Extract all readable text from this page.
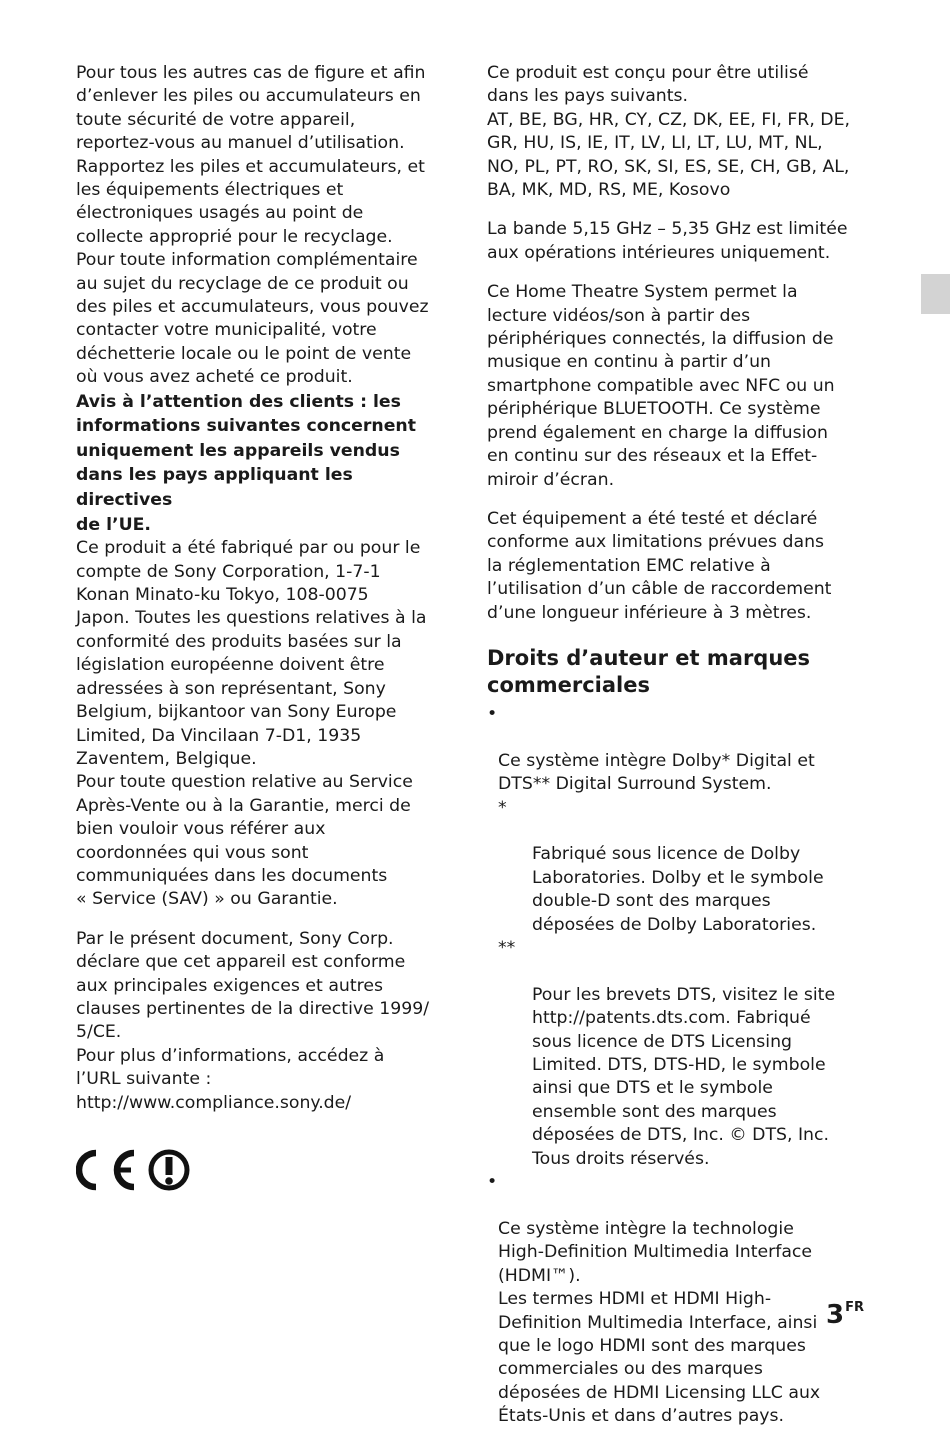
Pour tous les autres cas de figure et afin
d’enlever les piles ou accumulateurs en
toute sécurité de votre appareil,
reportez-vous au manuel d’utilisation.
Rapportez les piles et accumulateurs, et
les équipements électriques et
électroniques usagés au point de
collecte approprié pour le recyclage.
Pour toute information complémentaire
au sujet du recyclage de ce produit ou
des piles et accumulateurs, vous pouvez
contacter votre municipalité, votre
déchetterie locale ou le point de vente
où vous avez acheté ce produit.

Avis à l’attention des clients : les
informations suivantes concernent
uniquement les appareils vendus
dans les pays appliquant les directives
de l’UE.

Ce produit a été fabriqué par ou pour le
compte de Sony Corporation, 1-7-1
Konan Minato-ku Tokyo, 108-0075
Japon. Toutes les questions relatives à la
conformité des produits basées sur la
législation européenne doivent être
adressées à son représentant, Sony
Belgium, bijkantoor van Sony Europe
Limited, Da Vincilaan 7-D1, 1935
Zaventem, Belgique.
Pour toute question relative au Service
Après-Vente ou à la Garantie, merci de
bien vouloir vous référer aux
coordonnées qui vous sont
communiquées dans les documents
« Service (SAV) » ou Garantie.

Par le présent document, Sony Corp.
déclare que cet appareil est conforme
aux principales exigences et autres
clauses pertinentes de la directive 1999/
5/CE.
Pour plus d’informations, accédez à
l’URL suivante :
http://www.compliance.sony.de/

Ce produit est conçu pour être utilisé
dans les pays suivants.
AT, BE, BG, HR, CY, CZ, DK, EE, FI, FR, DE,
GR, HU, IS, IE, IT, LV, LI, LT, LU, MT, NL,
NO, PL, PT, RO, SK, SI, ES, SE, CH, GB, AL,
BA, MK, MD, RS, ME, Kosovo

La bande 5,15 GHz – 5,35 GHz est limitée
aux opérations intérieures uniquement.

Ce Home Theatre System permet la
lecture vidéos/son à partir des
périphériques connectés, la diffusion de
musique en continu à partir d’un
smartphone compatible avec NFC ou un
périphérique BLUETOOTH. Ce système
prend également en charge la diffusion
en continu sur des réseaux et la Effet-
miroir d’écran.

Cet équipement a été testé et déclaré
conforme aux limitations prévues dans
la réglementation EMC relative à
l’utilisation d’un câble de raccordement
d’une longueur inférieure à 3 mètres.

Droits d’auteur et marques
commerciales

•

Ce système intègre Dolby* Digital et
DTS** Digital Surround System.

*

Fabriqué sous licence de Dolby
Laboratories. Dolby et le symbole
double-D sont des marques
déposées de Dolby Laboratories.

**

Pour les brevets DTS, visitez le site
http://patents.dts.com. Fabriqué
sous licence de DTS Licensing
Limited. DTS, DTS-HD, le symbole
ainsi que DTS et le symbole
ensemble sont des marques
déposées de DTS, Inc. © DTS, Inc.
Tous droits réservés.

•

Ce système intègre la technologie
High-Definition Multimedia Interface
(HDMI™).
Les termes HDMI et HDMI High-
Definition Multimedia Interface, ainsi
que le logo HDMI sont des marques
commerciales ou des marques
déposées de HDMI Licensing LLC aux
États-Unis et dans d’autres pays.

$3^{FR}$
